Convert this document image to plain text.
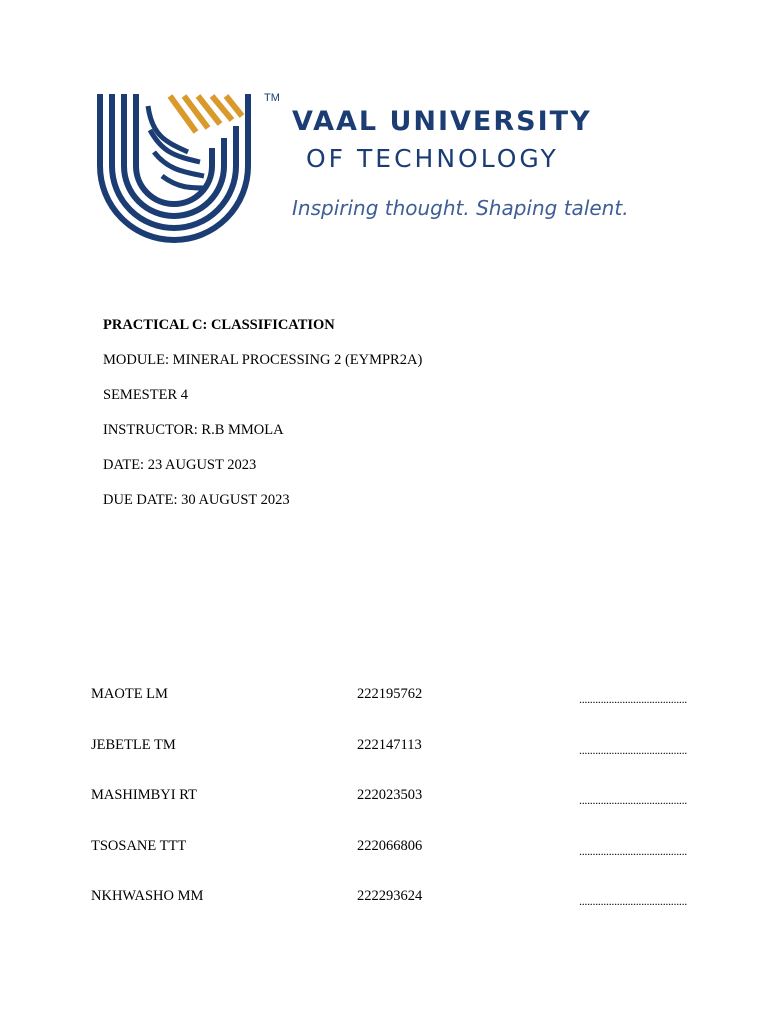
TM
VAAL UNIVERSITY
OF TECHNOLOGY
Inspiring thought. Shaping talent.
PRACTICAL C: CLASSIFICATION
MODULE: MINERAL PROCESSING 2 (EYMPR2A)
SEMESTER 4
INSTRUCTOR: R.B MMOLA
DATE: 23 AUGUST 2023
DUE DATE: 30 AUGUST 2023
MAOTE LM	222195762	........................................
JEBETLE TM	222147113	........................................
MASHIMBYI RT	222023503	........................................
TSOSANE TTT	222066806	........................................
NKHWASHO MM	222293624	........................................
